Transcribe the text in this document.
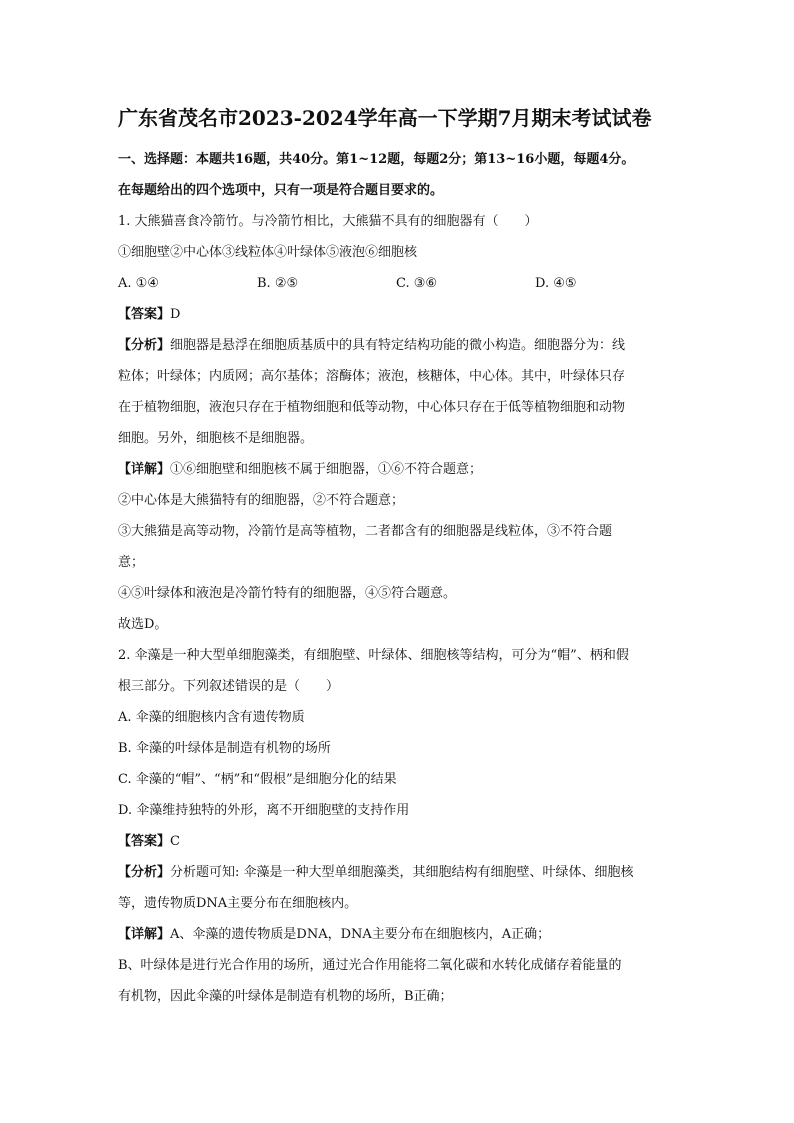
广东省茂名市2023-2024学年高一下学期7月期末考试试卷

一、选择题：本题共16题，共40分。第1~12题，每题2分；第13~16小题，每题4分。

在每题给出的四个选项中，只有一项是符合题目要求的。

1. 大熊猫喜食冷箭竹。与冷箭竹相比，大熊猫不具有的细胞器有（　　）

①细胞壁②中心体③线粒体④叶绿体⑤液泡⑥细胞核

A. ①④	B. ②⑤	C. ③⑥	D. ④⑤

【答案】D

【分析】细胞器是悬浮在细胞质基质中的具有特定结构功能的微小构造。细胞器分为：线

粒体；叶绿体；内质网；高尔基体；溶酶体；液泡，核糖体，中心体。其中，叶绿体只存

在于植物细胞，液泡只存在于植物细胞和低等动物，中心体只存在于低等植物细胞和动物

细胞。另外，细胞核不是细胞器。

【详解】①⑥细胞壁和细胞核不属于细胞器，①⑥不符合题意；

②中心体是大熊猫特有的细胞器，②不符合题意；

③大熊猫是高等动物，冷箭竹是高等植物，二者都含有的细胞器是线粒体，③不符合题

意；

④⑤叶绿体和液泡是冷箭竹特有的细胞器，④⑤符合题意。

故选D。

2. 伞藻是一种大型单细胞藻类，有细胞壁、叶绿体、细胞核等结构，可分为“帽”、柄和假

根三部分。下列叙述错误的是（　　）

A. 伞藻的细胞核内含有遗传物质

B. 伞藻的叶绿体是制造有机物的场所

C. 伞藻的“帽”、“柄”和“假根”是细胞分化的结果

D. 伞藻维持独特的外形，离不开细胞壁的支持作用

【答案】C

【分析】分析题可知: 伞藻是一种大型单细胞藻类，其细胞结构有细胞壁、叶绿体、细胞核

等，遗传物质DNA主要分布在细胞核内。

【详解】A、伞藻的遗传物质是DNA，DNA主要分布在细胞核内，A正确；

B、叶绿体是进行光合作用的场所，通过光合作用能将二氧化碳和水转化成储存着能量的

有机物，因此伞藻的叶绿体是制造有机物的场所，B正确；
